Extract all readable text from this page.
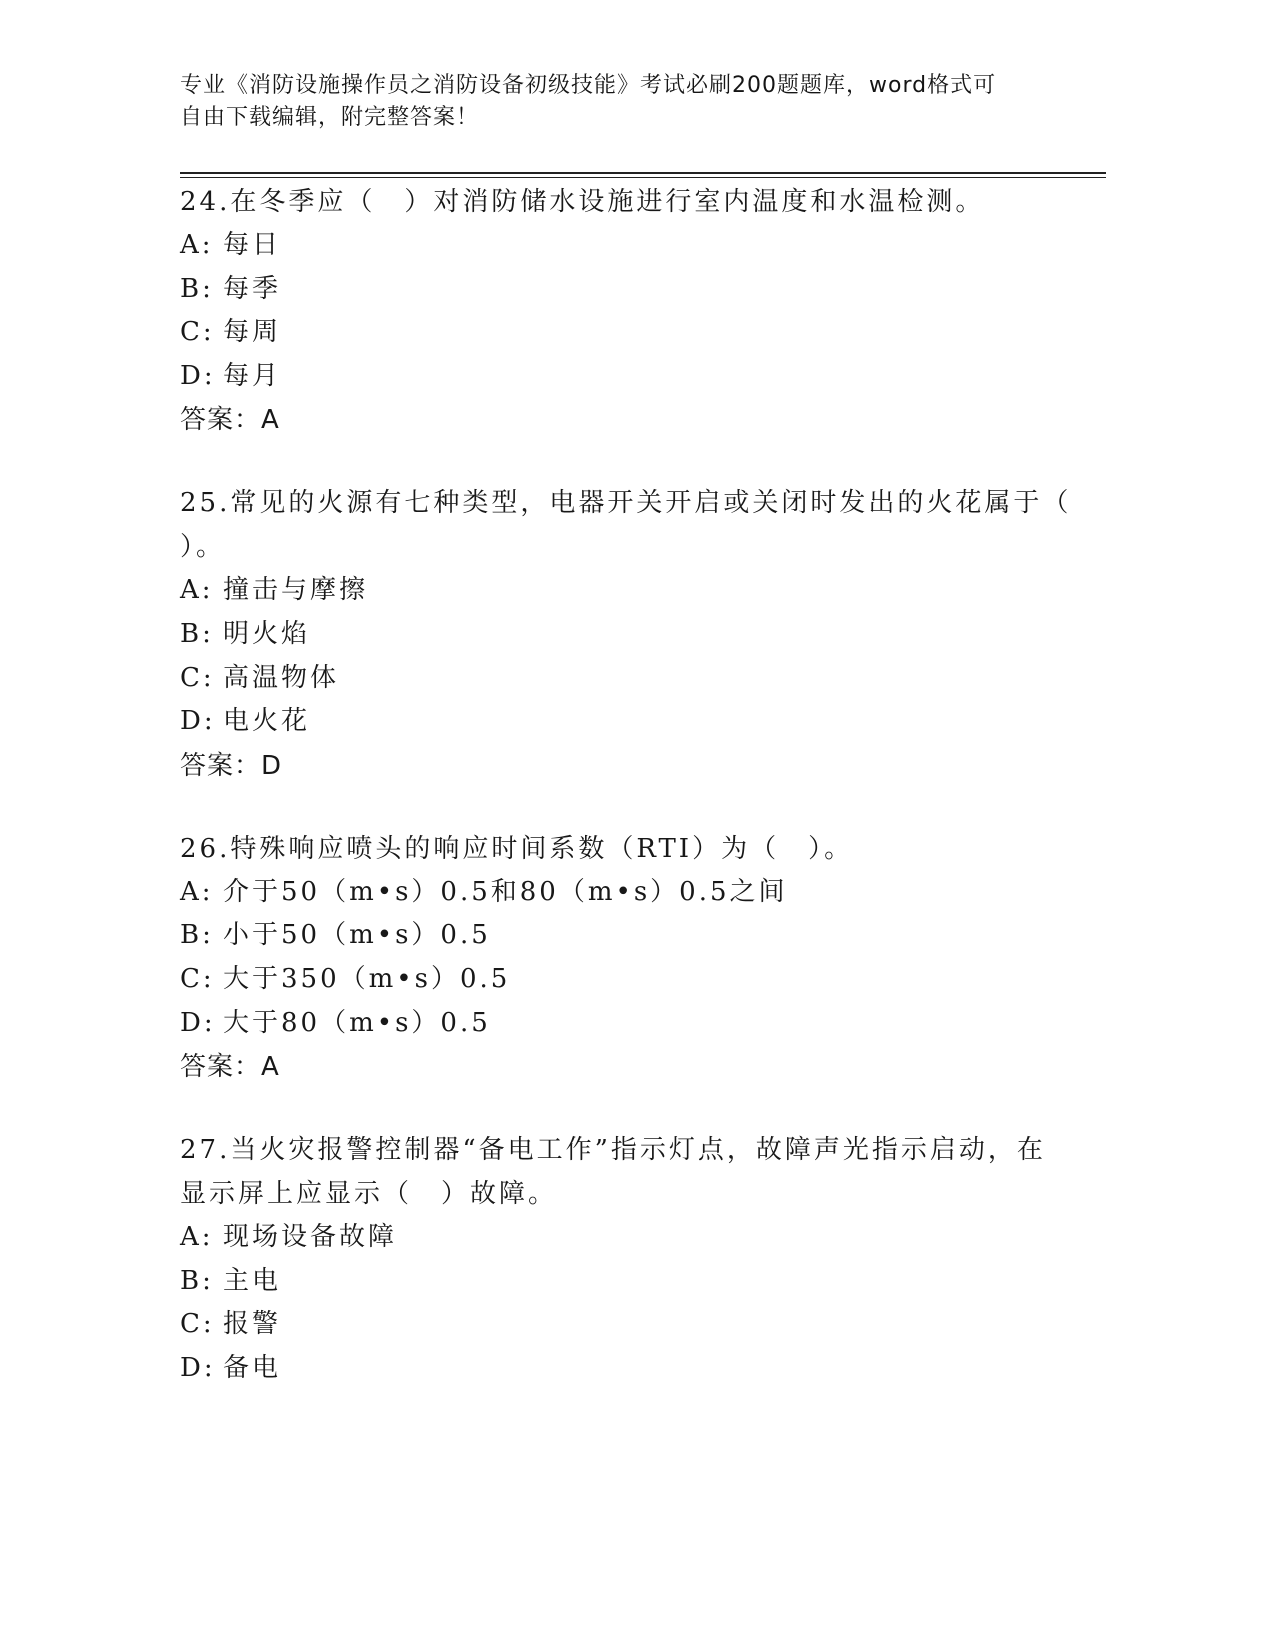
专业《消防设施操作员之消防设备初级技能》考试必刷200题题库，word格式可
自由下载编辑，附完整答案！
24.在冬季应（　）对消防储水设施进行室内温度和水温检测。
A: 每日
B: 每季
C: 每周
D: 每月
答案：A
25.常见的火源有七种类型，电器开关开启或关闭时发出的火花属于（
）。
A: 撞击与摩擦
B: 明火焰
C: 高温物体
D: 电火花
答案：D
26.特殊响应喷头的响应时间系数（RTI）为（　）。
A: 介于50（m•s）0.5和80（m•s）0.5之间
B: 小于50（m•s）0.5
C: 大于350（m•s）0.5
D: 大于80（m•s）0.5
答案：A
27.当火灾报警控制器“备电工作”指示灯点，故障声光指示启动，在
显示屏上应显示（　）故障。
A: 现场设备故障
B: 主电
C: 报警
D: 备电
